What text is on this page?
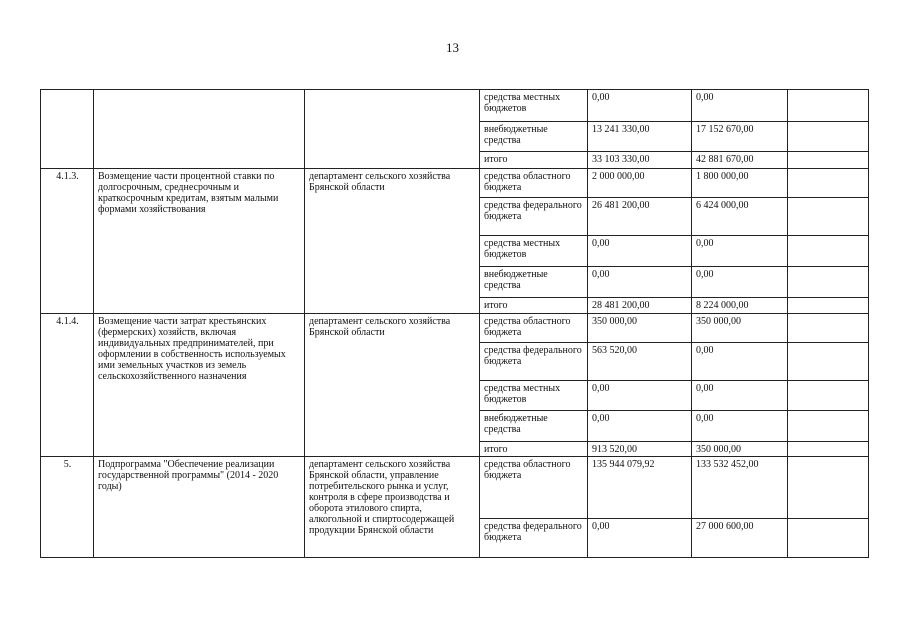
13
			средства местных бюджетов	0,00	0,00	
			внебюджетные средства	13 241 330,00	17 152 670,00	
			итого	33 103 330,00	42 881 670,00	
4.1.3.	Возмещение части процентной ставки по долгосрочным, среднесрочным и краткосрочным кредитам, взятым малыми формами хозяйствования	департамент сельского хозяйства Брянской области	средства областного бюджета	2 000 000,00	1 800 000,00	
			средства федерального бюджета	26 481 200,00	6 424 000,00	
			средства местных бюджетов	0,00	0,00	
			внебюджетные средства	0,00	0,00	
			итого	28 481 200,00	8 224 000,00	
4.1.4.	Возмещение части затрат крестьянских (фермерских) хозяйств, включая индивидуальных предпринимателей, при оформлении в собственность используемых ими земельных участков из земель сельскохозяйственного назначения	департамент сельского хозяйства Брянской области	средства областного бюджета	350 000,00	350 000,00	
			средства федерального бюджета	563 520,00	0,00	
			средства местных бюджетов	0,00	0,00	
			внебюджетные средства	0,00	0,00	
			итого	913 520,00	350 000,00	
5.	Подпрограмма "Обеспечение реализации государственной программы" (2014 - 2020 годы)	департамент сельского хозяйства Брянской области, управление потребительского рынка и услуг, контроля в сфере производства и оборота этилового спирта, алкогольной и спиртосодержащей продукции Брянской области	средства областного бюджета	135 944 079,92	133 532 452,00	
			средства федерального бюджета	0,00	27 000 600,00	
